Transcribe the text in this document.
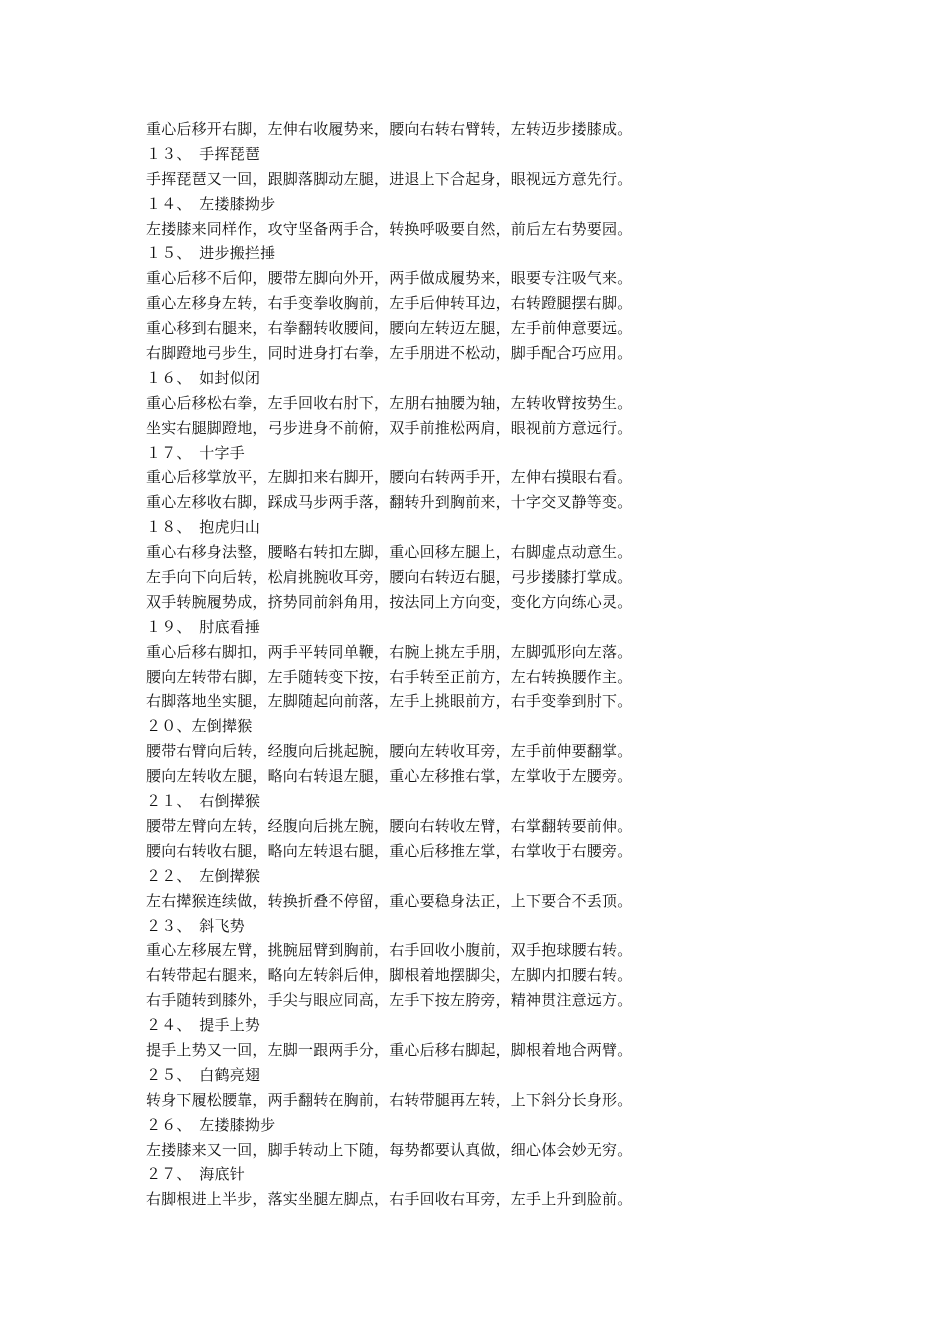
重心后移开右脚，左伸右收履势来，腰向右转右臂转，左转迈步搂膝成。
１３、　手挥琵琶
手挥琵琶又一回，跟脚落脚动左腿，进退上下合起身，眼视远方意先行。
１４、　左搂膝拗步
左搂膝来同样作，攻守坚备两手合，转换呼吸要自然，前后左右势要园。
１５、　进步搬拦捶
重心后移不后仰，腰带左脚向外开，两手做成履势来，眼要专注吸气来。
重心左移身左转，右手变拳收胸前，左手后伸转耳边，右转蹬腿摆右脚。
重心移到右腿来，右拳翻转收腰间，腰向左转迈左腿，左手前伸意要远。
右脚蹬地弓步生，同时进身打右拳，左手朋进不松动，脚手配合巧应用。
１６、　如封似闭
重心后移松右拳，左手回收右肘下，左朋右抽腰为轴，左转收臂按势生。
坐实右腿脚蹬地，弓步进身不前俯，双手前推松两肩，眼视前方意远行。
１７、　十字手
重心后移掌放平，左脚扣来右脚开，腰向右转两手开，左伸右摸眼右看。
重心左移收右脚，踩成马步两手落，翻转升到胸前来，十字交叉静等变。
１８、　抱虎归山
重心右移身法整，腰略右转扣左脚，重心回移左腿上，右脚虚点动意生。
左手向下向后转，松肩挑腕收耳旁，腰向右转迈右腿，弓步搂膝打掌成。
双手转腕履势成，挤势同前斜角用，按法同上方向变，变化方向练心灵。
１９、　肘底看捶
重心后移右脚扣，两手平转同单鞭，右腕上挑左手朋，左脚弧形向左落。
腰向左转带右脚，左手随转变下按，右手转至正前方，左右转换腰作主。
右脚落地坐实腿，左脚随起向前落，左手上挑眼前方，右手变拳到肘下。
２０、左倒撵猴
腰带右臂向后转，经腹向后挑起腕，腰向左转收耳旁，左手前伸要翻掌。
腰向左转收左腿，略向右转退左腿，重心左移推右掌，左掌收于左腰旁。
２１、　右倒撵猴
腰带左臂向左转，经腹向后挑左腕，腰向右转收左臂，右掌翻转要前伸。
腰向右转收右腿，略向左转退右腿，重心后移推左掌，右掌收于右腰旁。
２２、　左倒撵猴
左右撵猴连续做，转换折叠不停留，重心要稳身法正，上下要合不丢顶。
２３、　斜飞势
重心左移展左臂，挑腕屈臂到胸前，右手回收小腹前，双手抱球腰右转。
右转带起右腿来，略向左转斜后伸，脚根着地摆脚尖，左脚内扣腰右转。
右手随转到膝外，手尖与眼应同高，左手下按左胯旁，精神贯注意远方。
２４、　提手上势
提手上势又一回，左脚一跟两手分，重心后移右脚起，脚根着地合两臂。
２５、　白鹤亮翅
转身下履松腰靠，两手翻转在胸前，右转带腿再左转，上下斜分长身形。
２６、　左搂膝拗步
左搂膝来又一回，脚手转动上下随，每势都要认真做，细心体会妙无穷。
２７、　海底针
右脚根进上半步，落实坐腿左脚点，右手回收右耳旁，左手上升到脸前。
